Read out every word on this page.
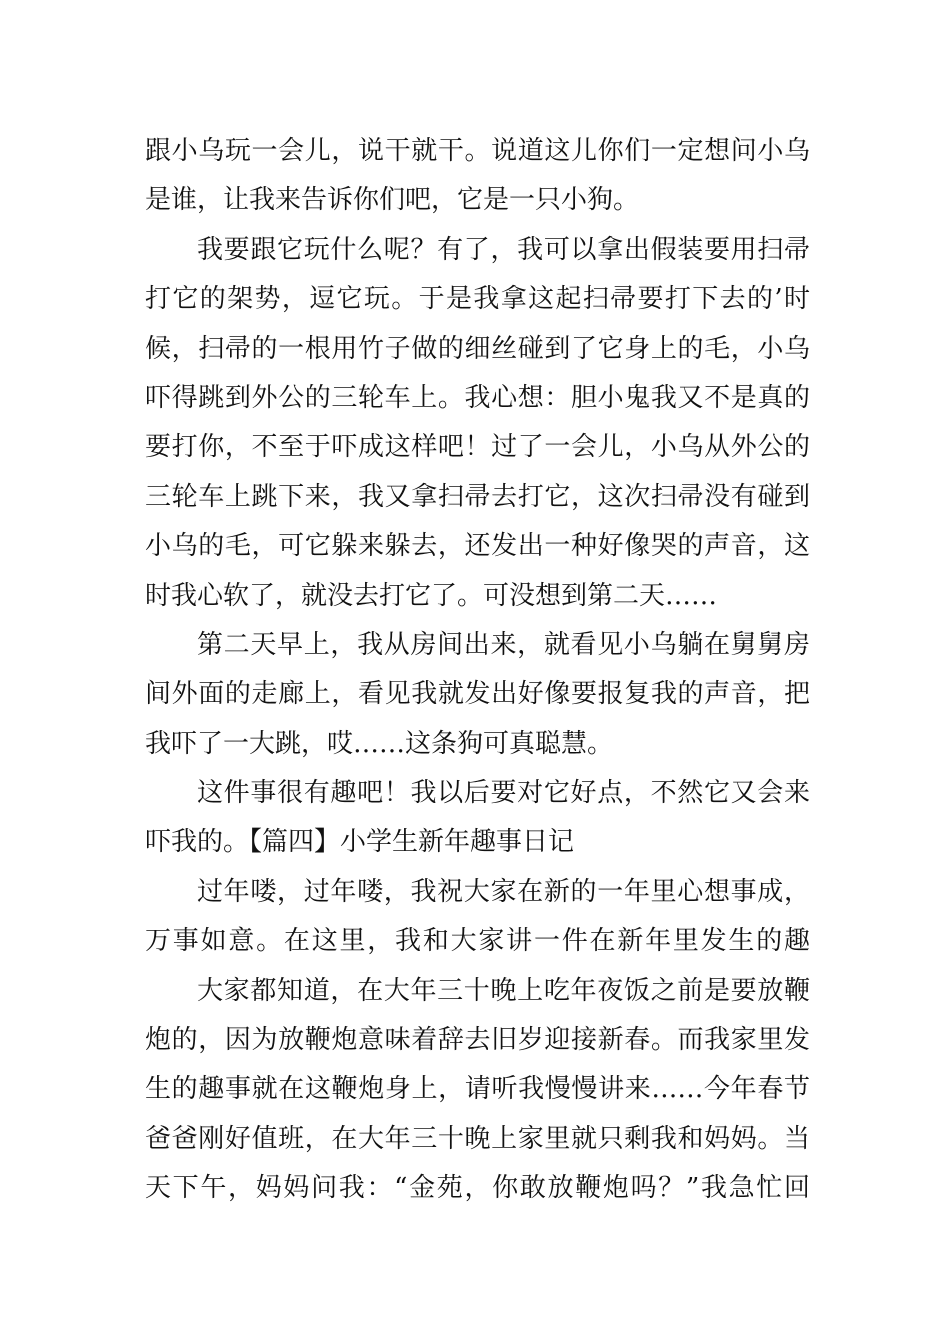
跟小乌玩一会儿，说干就干。说道这儿你们一定想问小乌
是谁，让我来告诉你们吧，它是一只小狗。
我要跟它玩什么呢？有了，我可以拿出假装要用扫帚
打它的架势，逗它玩。于是我拿这起扫帚要打下去的’时
候，扫帚的一根用竹子做的细丝碰到了它身上的毛，小乌
吓得跳到外公的三轮车上。我心想：胆小鬼我又不是真的
要打你，不至于吓成这样吧！过了一会儿，小乌从外公的
三轮车上跳下来，我又拿扫帚去打它，这次扫帚没有碰到
小乌的毛，可它躲来躲去，还发出一种好像哭的声音，这
时我心软了，就没去打它了。可没想到第二天……
第二天早上，我从房间出来，就看见小乌躺在舅舅房
间外面的走廊上，看见我就发出好像要报复我的声音，把
我吓了一大跳，哎……这条狗可真聪慧。
这件事很有趣吧！我以后要对它好点，不然它又会来
吓我的。【篇四】小学生新年趣事日记
过年喽，过年喽，我祝大家在新的一年里心想事成，
万事如意。在这里，我和大家讲一件在新年里发生的趣
大家都知道，在大年三十晚上吃年夜饭之前是要放鞭
炮的，因为放鞭炮意味着辞去旧岁迎接新春。而我家里发
生的趣事就在这鞭炮身上，请听我慢慢讲来……今年春节
爸爸刚好值班，在大年三十晚上家里就只剩我和妈妈。当
天下午，妈妈问我：“金苑，你敢放鞭炮吗？”我急忙回
